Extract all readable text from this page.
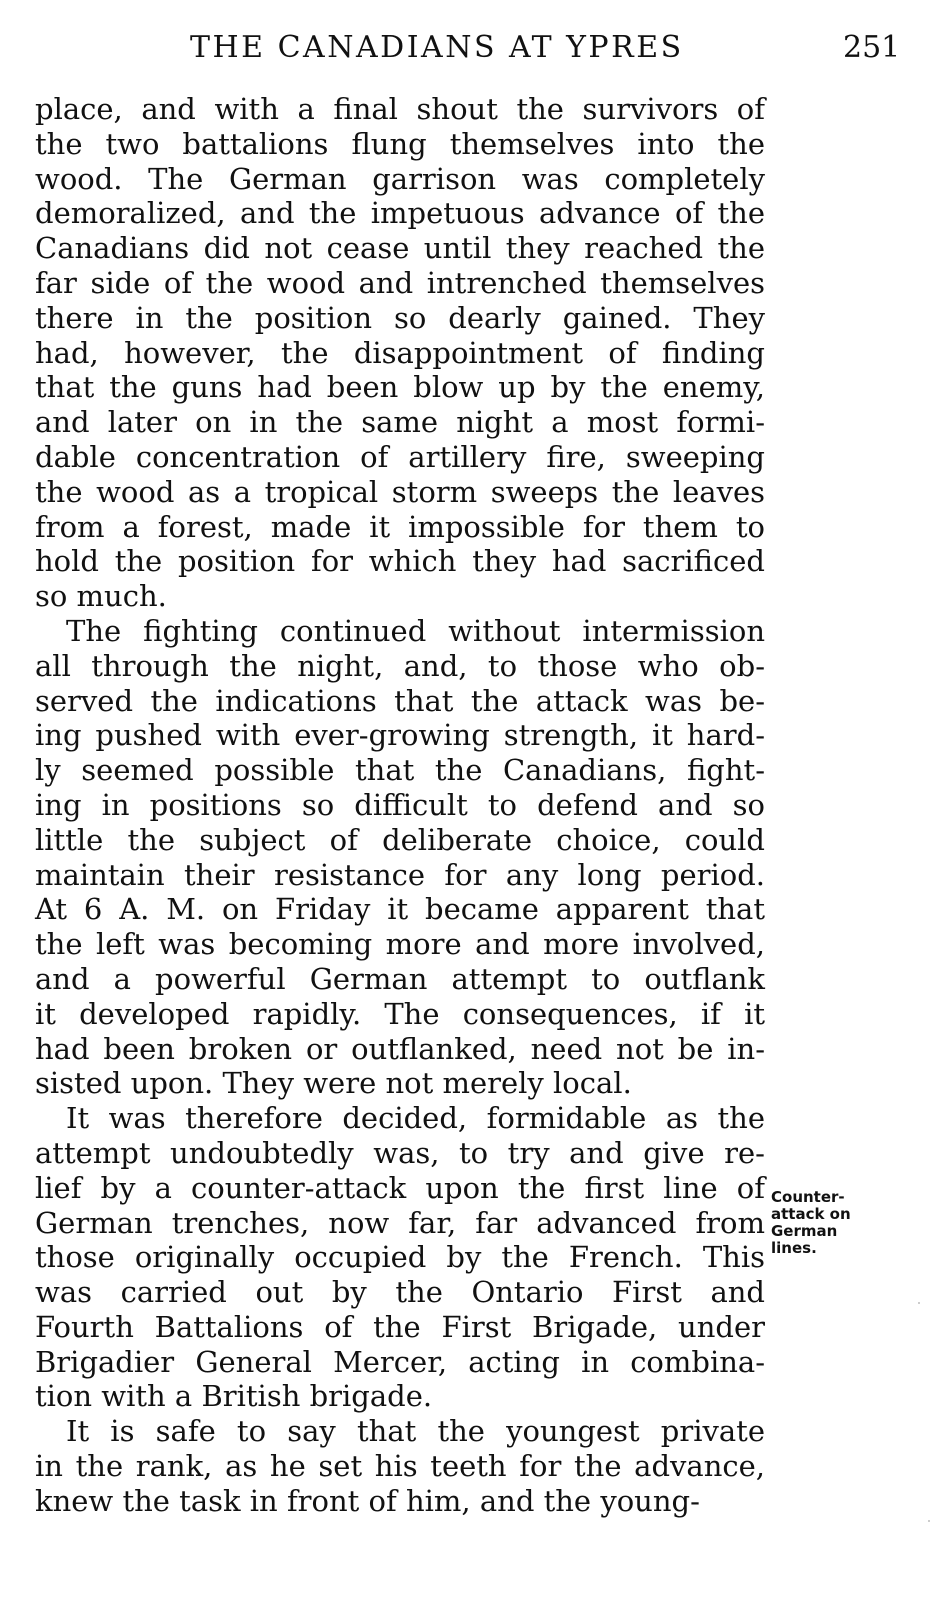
THE CANADIANS AT YPRES	251
place, and with a final shout the survivors of
the two battalions flung themselves into the
wood. The German garrison was completely
demoralized, and the impetuous advance of the
Canadians did not cease until they reached the
far side of the wood and intrenched themselves
there in the position so dearly gained. They
had, however, the disappointment of finding
that the guns had been blow up by the enemy,
and later on in the same night a most formi-
dable concentration of artillery fire, sweeping
the wood as a tropical storm sweeps the leaves
from a forest, made it impossible for them to
hold the position for which they had sacrificed
so much.
The fighting continued without intermission
all through the night, and, to those who ob-
served the indications that the attack was be-
ing pushed with ever-growing strength, it hard-
ly seemed possible that the Canadians, fight-
ing in positions so difficult to defend and so
little the subject of deliberate choice, could
maintain their resistance for any long period.
At 6 A. M. on Friday it became apparent that
the left was becoming more and more involved,
and a powerful German attempt to outflank
it developed rapidly. The consequences, if it
had been broken or outflanked, need not be in-
sisted upon. They were not merely local.
It was therefore decided, formidable as the
attempt undoubtedly was, to try and give re-
lief by a counter-attack upon the first line of
German trenches, now far, far advanced from
those originally occupied by the French. This
was carried out by the Ontario First and
Fourth Battalions of the First Brigade, under
Brigadier General Mercer, acting in combina-
tion with a British brigade.
It is safe to say that the youngest private
in the rank, as he set his teeth for the advance,
knew the task in front of him, and the young-
Counter-
attack on
German
lines.
